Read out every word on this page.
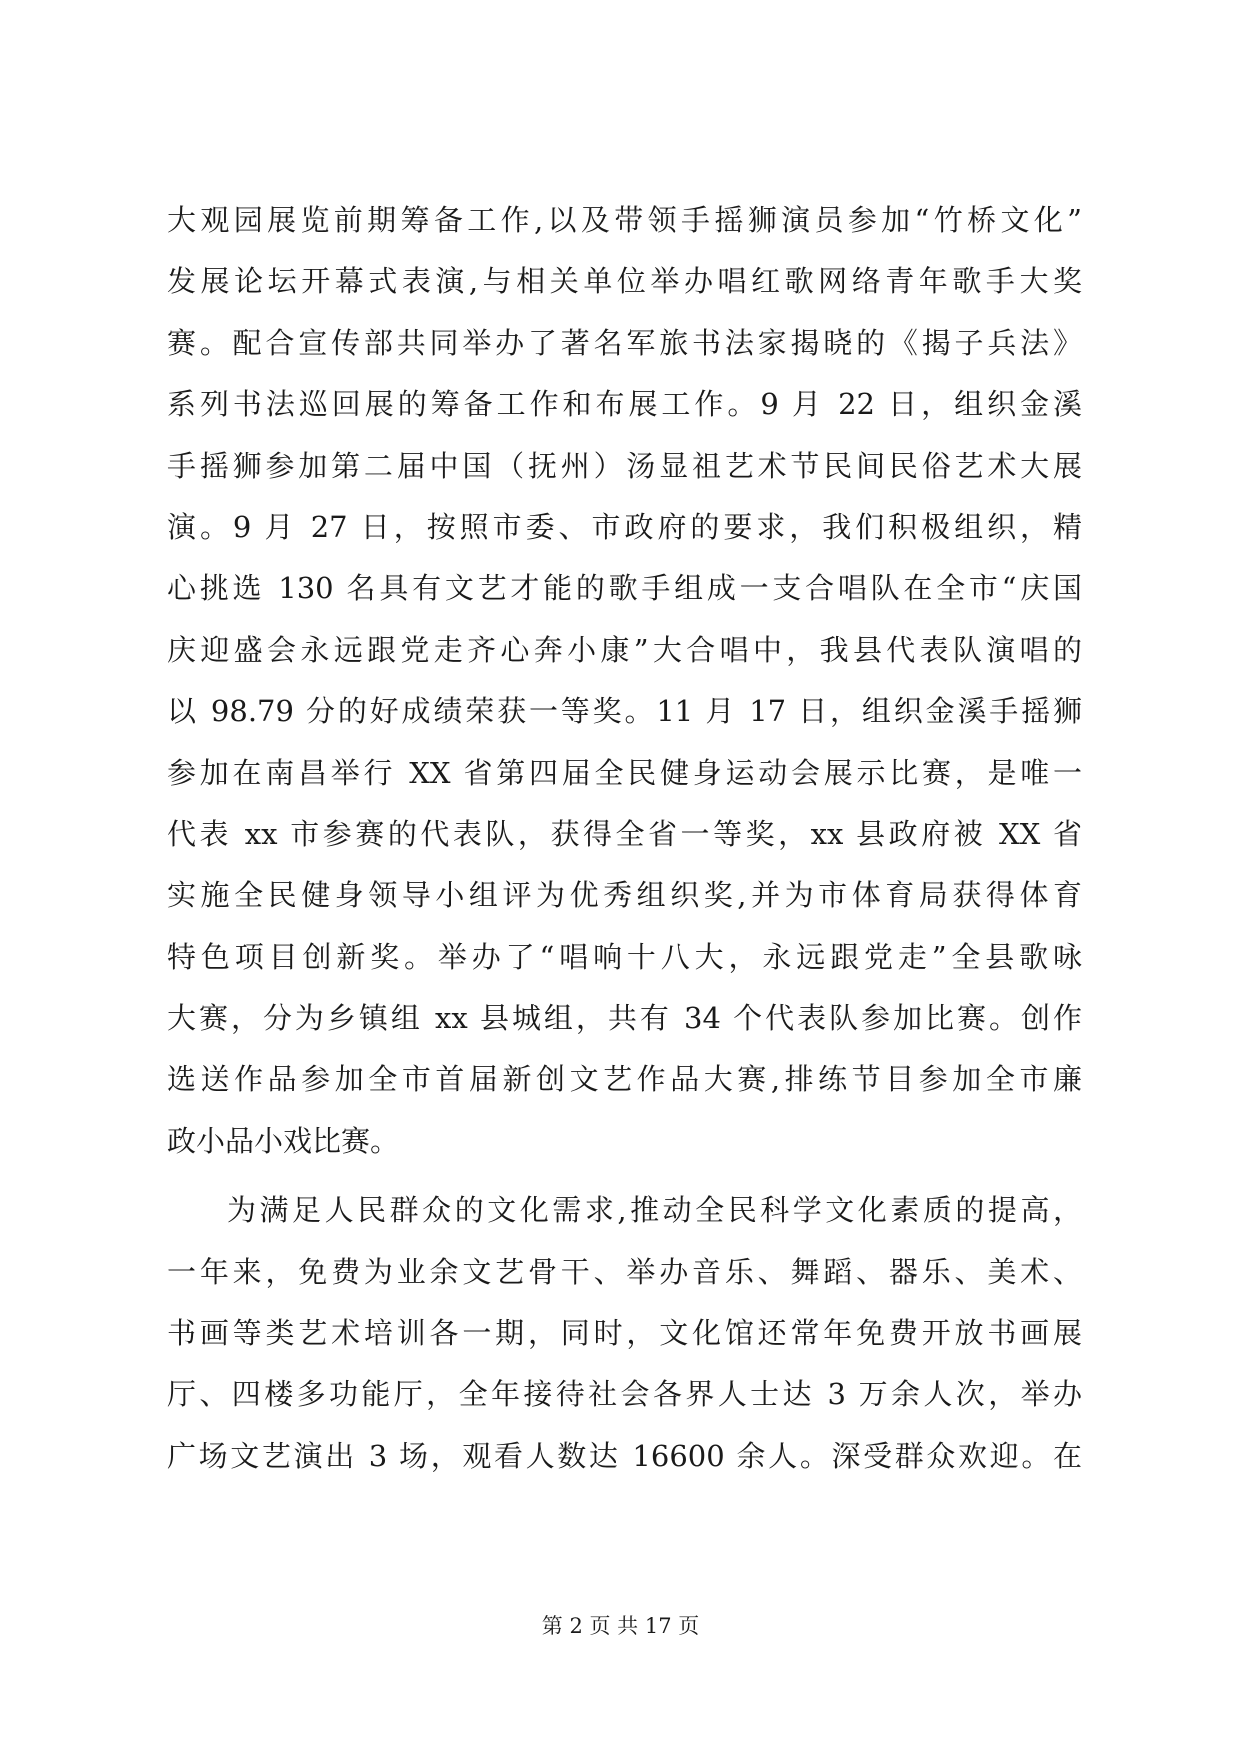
大观园展览前期筹备工作,以及带领手摇狮演员参加“竹桥文化”
发展论坛开幕式表演,与相关单位举办唱红歌网络青年歌手大奖
赛。配合宣传部共同举办了著名军旅书法家揭晓的《揭子兵法》
系列书法巡回展的筹备工作和布展工作。9 月 22 日，组织金溪
手摇狮参加第二届中国（抚州）汤显祖艺术节民间民俗艺术大展
演。9 月 27 日，按照市委、市政府的要求，我们积极组织，精
心挑选 130 名具有文艺才能的歌手组成一支合唱队在全市“庆国
庆迎盛会永远跟党走齐心奔小康”大合唱中，我县代表队演唱的
以 98.79 分的好成绩荣获一等奖。11 月 17 日，组织金溪手摇狮
参加在南昌举行 XX 省第四届全民健身运动会展示比赛，是唯一
代表 xx 市参赛的代表队，获得全省一等奖，xx 县政府被 XX 省
实施全民健身领导小组评为优秀组织奖,并为市体育局获得体育
特色项目创新奖。举办了“唱响十八大，永远跟党走”全县歌咏
大赛，分为乡镇组 xx 县城组，共有 34 个代表队参加比赛。创作
选送作品参加全市首届新创文艺作品大赛,排练节目参加全市廉
政小品小戏比赛。
为满足人民群众的文化需求,推动全民科学文化素质的提高，
一年来，免费为业余文艺骨干、举办音乐、舞蹈、器乐、美术、
书画等类艺术培训各一期，同时，文化馆还常年免费开放书画展
厅、四楼多功能厅，全年接待社会各界人士达 3 万余人次，举办
广场文艺演出 3 场，观看人数达 16600 余人。深受群众欢迎。在
第 2 页 共 17 页
